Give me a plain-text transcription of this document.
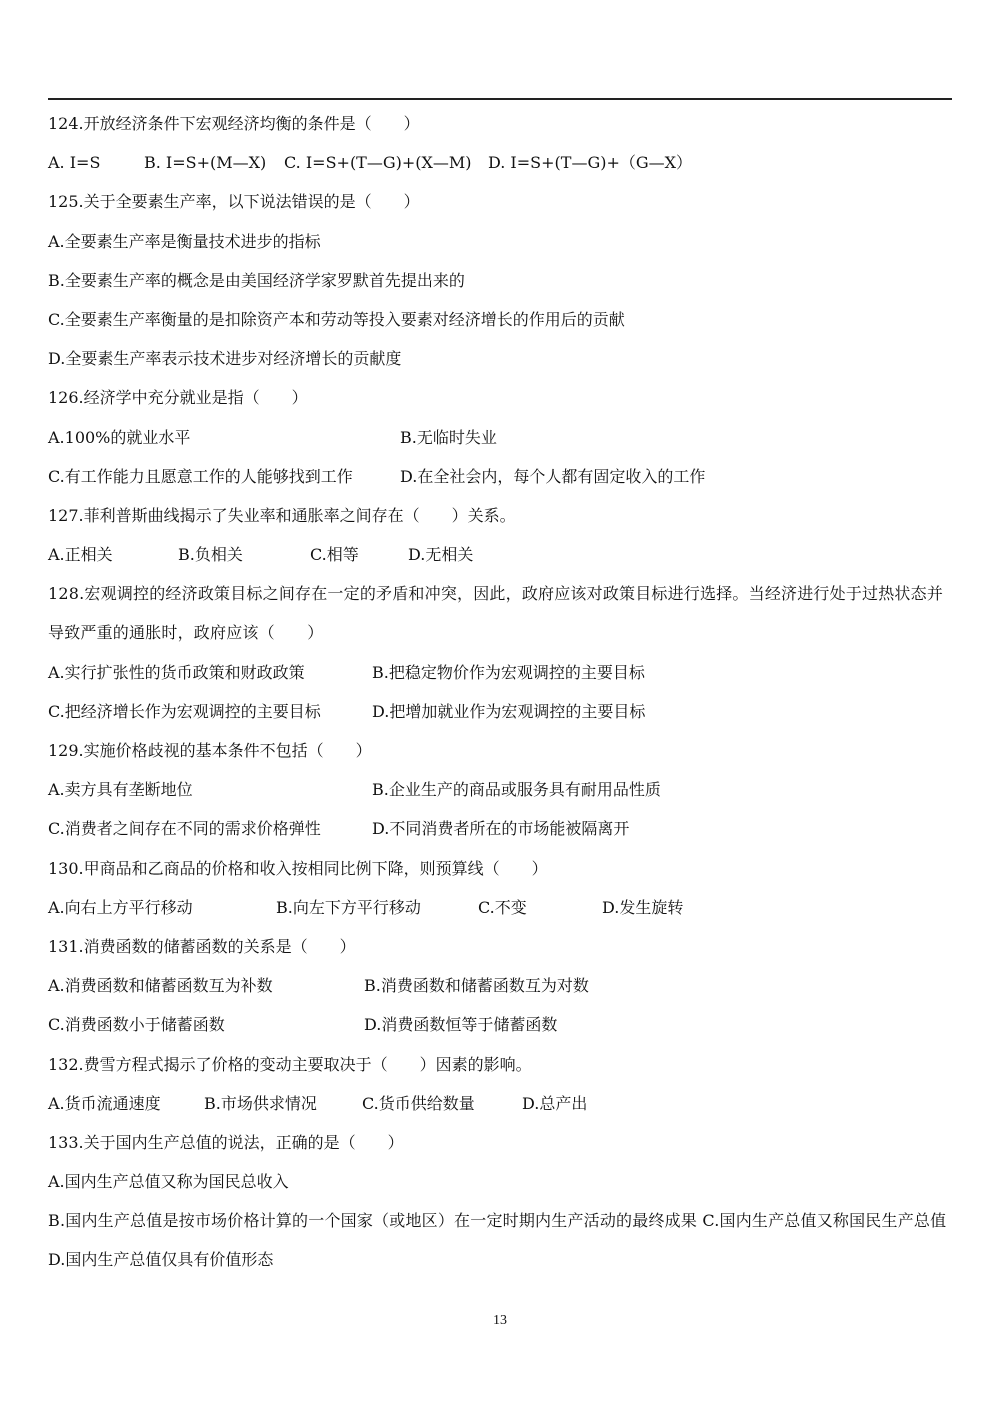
124.开放经济条件下宏观经济均衡的条件是（　　）
A. I=S	B. I=S+(M—X) C. I=S+(T—G)+(X—M) D. I=S+(T—G)+（G—X）
125.关于全要素生产率，以下说法错误的是（　　）
A.全要素生产率是衡量技术进步的指标
B.全要素生产率的概念是由美国经济学家罗默首先提出来的
C.全要素生产率衡量的是扣除资产本和劳动等投入要素对经济增长的作用后的贡献
D.全要素生产率表示技术进步对经济增长的贡献度
126.经济学中充分就业是指（　　）
A.100%的就业水平	B.无临时失业
C.有工作能力且愿意工作的人能够找到工作	D.在全社会内，每个人都有固定收入的工作
127.菲利普斯曲线揭示了失业率和通胀率之间存在（　　）关系。
A.正相关	B.负相关	C.相等	D.无相关
128.宏观调控的经济政策目标之间存在一定的矛盾和冲突，因此，政府应该对政策目标进行选择。当经济进行处于过热状态并导致严重的通胀时，政府应该（　　）
A.实行扩张性的货币政策和财政政策	B.把稳定物价作为宏观调控的主要目标
C.把经济增长作为宏观调控的主要目标	D.把增加就业作为宏观调控的主要目标
129.实施价格歧视的基本条件不包括（　　）
A.卖方具有垄断地位	B.企业生产的商品或服务具有耐用品性质
C.消费者之间存在不同的需求价格弹性	D.不同消费者所在的市场能被隔离开
130.甲商品和乙商品的价格和收入按相同比例下降，则预算线（　　）
A.向右上方平行移动	B.向左下方平行移动	C.不变	D.发生旋转
131.消费函数的储蓄函数的关系是（　　）
A.消费函数和储蓄函数互为补数	B.消费函数和储蓄函数互为对数
C.消费函数小于储蓄函数	D.消费函数恒等于储蓄函数
132.费雪方程式揭示了价格的变动主要取决于（　　）因素的影响。
A.货币流通速度	B.市场供求情况	C.货币供给数量	D.总产出
133.关于国内生产总值的说法，正确的是（　　）
A.国内生产总值又称为国民总收入
B.国内生产总值是按市场价格计算的一个国家（或地区）在一定时期内生产活动的最终成果 C.国内生产总值又称国民生产总值
D.国内生产总值仅具有价值形态
13
